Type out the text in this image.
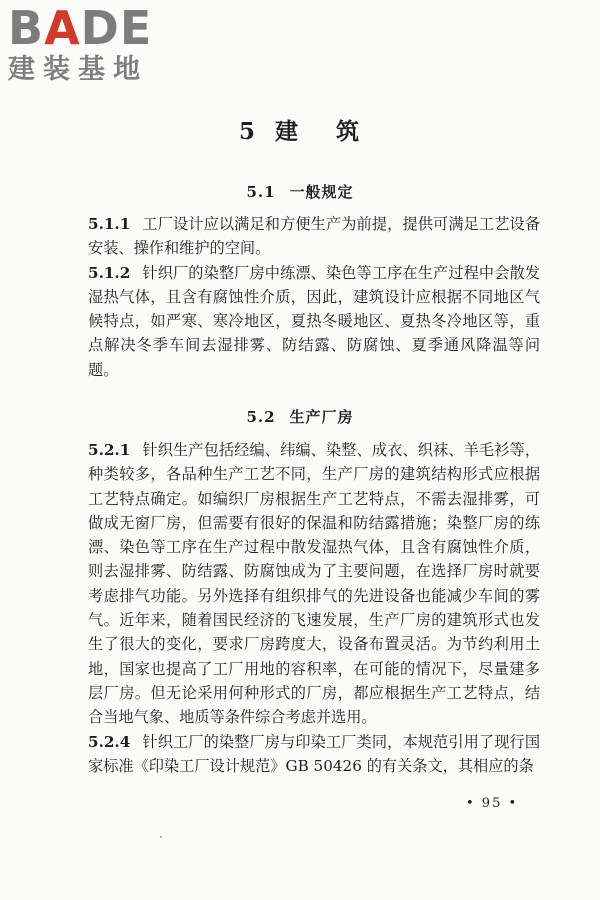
BADE
建装基地
5 建 筑
5.1 一般规定

5.1.1 工厂设计应以满足和方便生产为前提，提供可满足工艺设备安装、操作和维护的空间。

5.1.2 针织厂的染整厂房中练漂、染色等工序在生产过程中会散发湿热气体，且含有腐蚀性介质，因此，建筑设计应根据不同地区气候特点，如严寒、寒冷地区，夏热冬暖地区、夏热冬冷地区等，重点解决冬季车间去湿排雾、防结露、防腐蚀、夏季通风降温等问题。

5.2 生产厂房

5.2.1 针织生产包括经编、纬编、染整、成衣、织袜、羊毛衫等，种类较多，各品种生产工艺不同，生产厂房的建筑结构形式应根据工艺特点确定。如编织厂房根据生产工艺特点，不需去湿排雾，可做成无窗厂房，但需要有很好的保温和防结露措施；染整厂房的练漂、染色等工序在生产过程中散发湿热气体，且含有腐蚀性介质，则去湿排雾、防结露、防腐蚀成为了主要问题，在选择厂房时就要考虑排气功能。另外选择有组织排气的先进设备也能减少车间的雾气。近年来，随着国民经济的飞速发展，生产厂房的建筑形式也发生了很大的变化，要求厂房跨度大，设备布置灵活。为节约利用土地，国家也提高了工厂用地的容积率，在可能的情况下，尽量建多层厂房。但无论采用何种形式的厂房，都应根据生产工艺特点，结合当地气象、地质等条件综合考虑并选用。

5.2.4 针织工厂的染整厂房与印染工厂类同，本规范引用了现行国家标准《印染工厂设计规范》GB 50426 的有关条文，其相应的条

• 95 •
